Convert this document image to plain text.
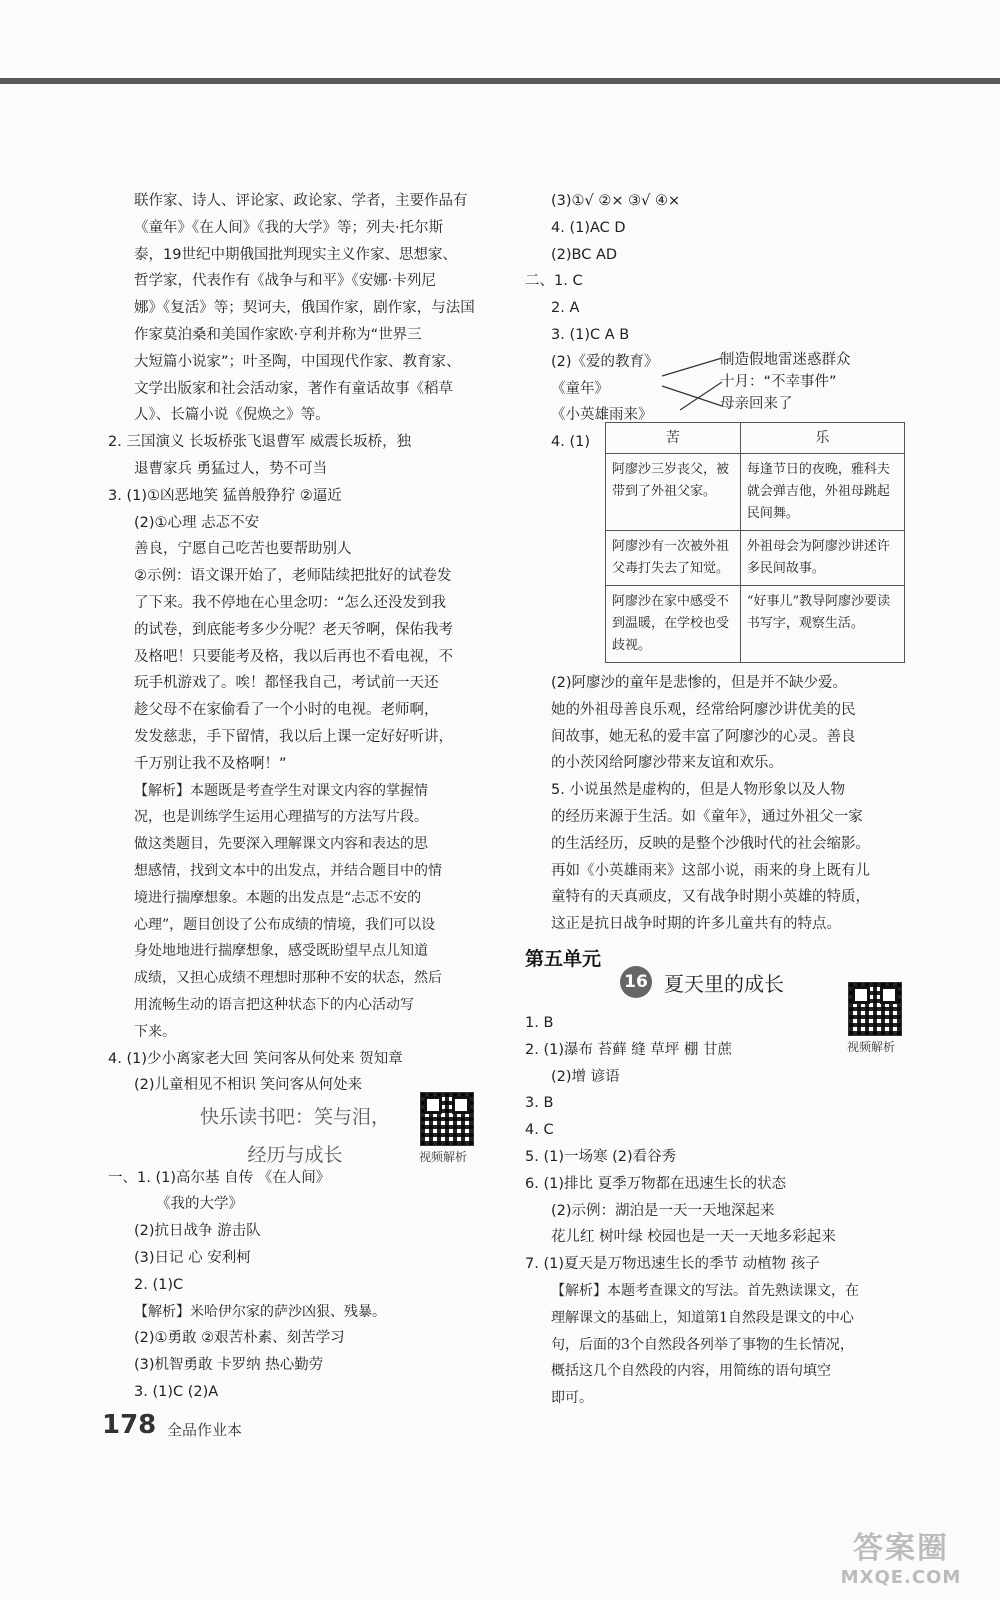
联作家、诗人、评论家、政论家、学者，主要作品有
《童年》《在人间》《我的大学》等；列夫·托尔斯
泰，19世纪中期俄国批判现实主义作家、思想家、
哲学家，代表作有《战争与和平》《安娜·卡列尼
娜》《复活》等；契诃夫，俄国作家，剧作家，与法国
作家莫泊桑和美国作家欧·亨利并称为“世界三
大短篇小说家”；叶圣陶，中国现代作家、教育家、
文学出版家和社会活动家，著作有童话故事《稻草
人》、长篇小说《倪焕之》等。
2. 三国演义 长坂桥张飞退曹军 威震长坂桥，独
退曹家兵 勇猛过人，势不可当
3. (1)①凶恶地笑 猛兽般狰狞 ②逼近
(2)①心理 忐忑不安
善良，宁愿自己吃苦也要帮助别人
②示例：语文课开始了，老师陆续把批好的试卷发
了下来。我不停地在心里念叨：“怎么还没发到我
的试卷，到底能考多少分呢？老天爷啊，保佑我考
及格吧！只要能考及格，我以后再也不看电视，不
玩手机游戏了。唉！都怪我自己，考试前一天还
趁父母不在家偷看了一个小时的电视。老师啊，
发发慈悲，手下留情，我以后上课一定好好听讲，
千万别让我不及格啊！”
【解析】本题既是考查学生对课文内容的掌握情
况，也是训练学生运用心理描写的方法写片段。
做这类题目，先要深入理解课文内容和表达的思
想感情，找到文本中的出发点，并结合题目中的情
境进行揣摩想象。本题的出发点是“忐忑不安的
心理”，题目创设了公布成绩的情境，我们可以设
身处地地进行揣摩想象，感受既盼望早点儿知道
成绩，又担心成绩不理想时那种不安的状态，然后
用流畅生动的语言把这种状态下的内心活动写
下来。
4. (1)少小离家老大回 笑问客从何处来 贺知章
(2)儿童相见不相识 笑问客从何处来
一、1. (1)高尔基 自传 《在人间》
《我的大学》
(2)抗日战争 游击队
(3)日记 心 安利柯
2. (1)C
【解析】米哈伊尔家的萨沙凶狠、残暴。
(2)①勇敢 ②艰苦朴素、刻苦学习
(3)机智勇敢 卡罗纳 热心勤劳
3. (1)C (2)A
(3)①√ ②× ③√ ④×
4. (1)AC D
(2)BC AD
二、1. C
2. A
3. (1)C A B
(2)《爱的教育》
《童年》
《小英雄雨来》
4. (1)
(2)阿廖沙的童年是悲惨的，但是并不缺少爱。
她的外祖母善良乐观，经常给阿廖沙讲优美的民
间故事，她无私的爱丰富了阿廖沙的心灵。善良
的小茨冈给阿廖沙带来友谊和欢乐。
5. 小说虽然是虚构的，但是人物形象以及人物
的经历来源于生活。如《童年》，通过外祖父一家
的生活经历，反映的是整个沙俄时代的社会缩影。
再如《小英雄雨来》这部小说，雨来的身上既有儿
童特有的天真顽皮，又有战争时期小英雄的特质，
这正是抗日战争时期的许多儿童共有的特点。
第五单元
1. B
2. (1)瀑布 苔藓 缝 草坪 棚 甘蔗
(2)增 谚语
3. B
4. C
5. (1)一场寒 (2)看谷秀
6. (1)排比 夏季万物都在迅速生长的状态
(2)示例：湖泊是一天一天地深起来
花儿红 树叶绿 校园也是一天一天地多彩起来
7. (1)夏天是万物迅速生长的季节 动植物 孩子
【解析】本题考查课文的写法。首先熟读课文，在
理解课文的基础上，知道第1自然段是课文的中心
句，后面的3个自然段各列举了事物的生长情况，
概括这几个自然段的内容，用简练的语句填空
即可。
制造假地雷迷惑群众
十月：“不幸事件”
母亲回来了
苦	乐
阿廖沙三岁丧父，被带到了外祖父家。	每逢节日的夜晚，雅科夫就会弹吉他，外祖母跳起民间舞。
阿廖沙有一次被外祖父毒打失去了知觉。	外祖母会为阿廖沙讲述许多民间故事。
阿廖沙在家中感受不到温暖，在学校也受歧视。	“好事儿”教导阿廖沙要读书写字，观察生活。
16 夏天里的成长
快乐读书吧：笑与泪，
经历与成长	视频解析
视频解析
178 全品作业本
答案圈
MXQE.COM
